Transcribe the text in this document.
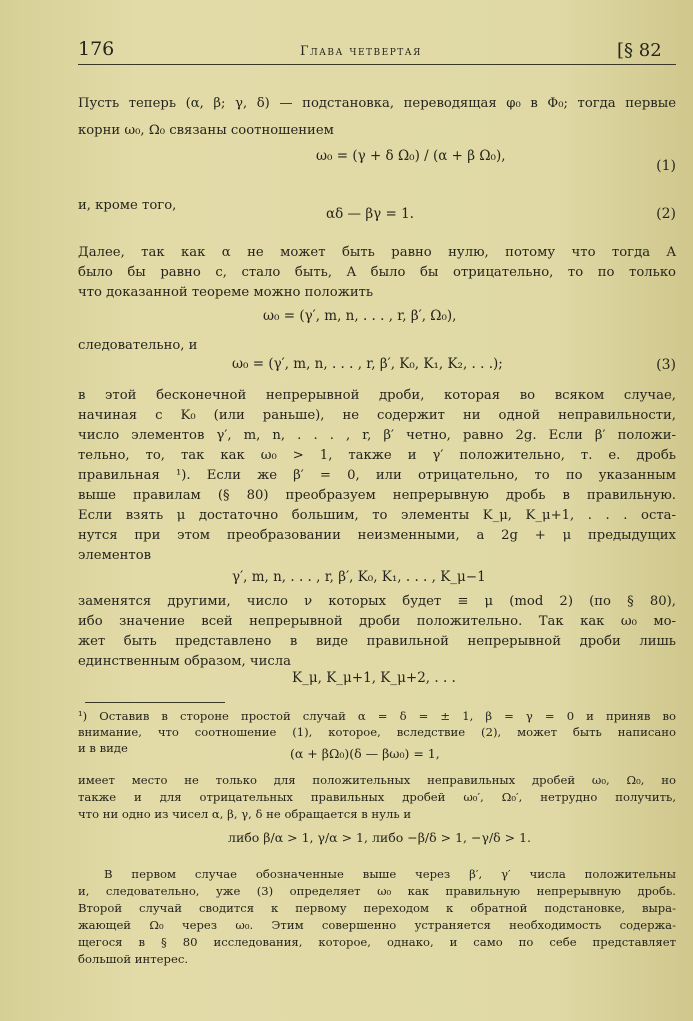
176	Глава четвертая	[§ 82
Пусть теперь (α, β; γ, δ) — подстановка, переводящая φ₀ в Φ₀; тогда первые
корни ω₀, Ω₀ связаны соотношением
ω₀ = (γ + δ Ω₀) / (α + β Ω₀),
(1)
и, кроме того,
αδ — βγ = 1.	(2)
Далее, так как α не может быть равно нулю, потому что тогда A
было бы равно c, стало быть, A было бы отрицательно, то по только
что доказанной теореме можно положить
ω₀ = (γ′, m, n, . . . , r, β′, Ω₀),
следовательно, и
ω₀ = (γ′, m, n, . . . , r, β′, K₀, K₁, K₂, . . .);	(3)
в этой бесконечной непрерывной дроби, которая во всяком случае,
начиная с K₀ (или раньше), не содержит ни одной неправильности,
число элементов γ′, m, n, . . . , r, β′ четно, равно 2g. Если β′ положи-
тельно, то, так как ω₀ > 1, также и γ′ положительно, т. е. дробь
правильная ¹). Если же β′ = 0, или отрицательно, то по указанным
выше правилам (§ 80) преобразуем непрерывную дробь в правильную.
Если взять μ достаточно большим, то элементы K_μ, K_μ+1, . . . оста-
нутся при этом преобразовании неизменными, а 2g + μ предыдущих
элементов
γ′, m, n, . . . , r, β′, K₀, K₁, . . . , K_μ−1
заменятся другими, число ν которых будет ≡ μ (mod 2) (по § 80),
ибо значение всей непрерывной дроби положительно. Так как ω₀ мо-
жет быть представлено в виде правильной непрерывной дроби лишь
единственным образом, числа
K_μ, K_μ+1, K_μ+2, . . .
¹) Оставив в стороне простой случай α = δ = ± 1, β = γ = 0 и приняв во
внимание, что соотношение (1), которое, вследствие (2), может быть написано
и в виде	(α + βΩ₀)(δ — βω₀) = 1,
имеет место не только для положительных неправильных дробей ω₀, Ω₀, но
также и для отрицательных правильных дробей ω₀′, Ω₀′, нетрудно получить,
что ни одно из чисел α, β, γ, δ не обращается в нуль и
либо β/α > 1, γ/α > 1, либо −β/δ > 1, −γ/δ > 1.
В первом случае обозначенные выше через β′, γ′ числа положительны
и, следовательно, уже (3) определяет ω₀ как правильную непрерывную дробь.
Второй случай сводится к первому переходом к обратной подстановке, выра-
жающей Ω₀ через ω₀. Этим совершенно устраняется необходимость содержа-
щегося в § 80 исследования, которое, однако, и само по себе представляет
большой интерес.
